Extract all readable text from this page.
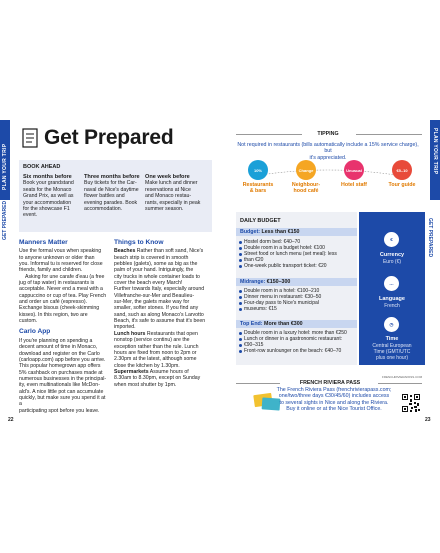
PLAN YOUR TRIP
GET PREPARED
Get Prepared
BOOK AHEAD
Six months before
Book your grandstand
seats for the Monaco
Grand Prix, as well as
your accommodation
for the showcase F1
event.
Three months before
Buy tickets for the Car-
naval de Nice's daytime
flower battles and
evening parades. Book
accommodation.
One week before
Make lunch and dinner
reservations at Nice
and Monaco restau-
rants, especially in peak
summer season.
Manners Matter
Use the formal vous when speaking
to anyone unknown or older than
you. Informal tu is reserved for close
friends, family and children.
Asking for une carafe d'eau (a free
jug of tap water) in restaurants is
acceptable. Never end a meal with a
cappuccino or cup of tea. Play French
and order un café (espresso).
Exchange bisous (cheek-skimming
kisses). In this region, two are custom.
Carlo App
If you're planning on spending a
decent amount of time in Monaco,
download and register on the Carlo
(carloapp.com) app before you arrive.
This popular homegrown app offers
5% cashback on purchases made at
numerous businesses in the principal-
ity, even multinationals like McDon-
ald's. A nice little pot can accumulate
quickly, but make sure you spend it at a
participating spot before you leave.
Things to Know
Beaches Rather than soft sand, Nice's
beach strip is covered in smooth
pebbles (galets), some as big as the
palm of your hand. Intriguingly, the
city trucks in whole container loads to
cover the beach every March!
Further towards Italy, especially around
Villefranche-sur-Mer and Beaulieu-
sur-Mer, the galets make way for
smaller, softer stones. If you find any
sand, such as along Monaco's Larvotto
Beach, it's safe to assume that it's been
imported.
Lunch hours Restaurants that open
nonstop (service continu) are the
exception rather than the rule. Lunch
hours are fixed from noon to 2pm or
2.30pm at the latest, although some
close the kitchen by 1.30pm.
Supermarkets Assume hours of
8.30am to 8.30pm, except on Sunday
when most shutter by 1pm.
22
PLAN YOUR TRIP
GET PREPARED
TIPPING
Not required in restaurants (bills automatically include a 15% service charge), but
it's appreciated.
10%	Change	Unusual	€5–10
Restaurants
& bars
Neighbour-
hood café
Hotel staff	Tour guide
DAILY BUDGET
Budget: Less than €150
Hostel dorm bed: €40–70
Double room in a budget hotel: €100
Street food or lunch menu (set meal): less
than €20
One-week public transport ticket: €20
Midrange: €150–300
Double room in a hotel: €100–210
Dinner menu in restaurant: €30–50
Four-day pass to Nice's municipal
museums: €15
Top End: More than €300
Double room in a luxury hotel: more than €250
Lunch or dinner in a gastronomic restaurant:
€90–315
Front-row sunlounger on the beach: €40–70
€
Currency
Euro (€)
…
Language
French
◷
Time
Central European
Time (GMT/UTC
plus one hour)
FRENCHRIVIERAPASS.COM
FRENCH RIVIERA PASS
The French Riviera Pass (frenchrivierapass.com;
one/two/three days €30/45/60) includes access
to several sights in Nice and along the Riviera.
Buy it online or at the Nice Tourist Office.
23
